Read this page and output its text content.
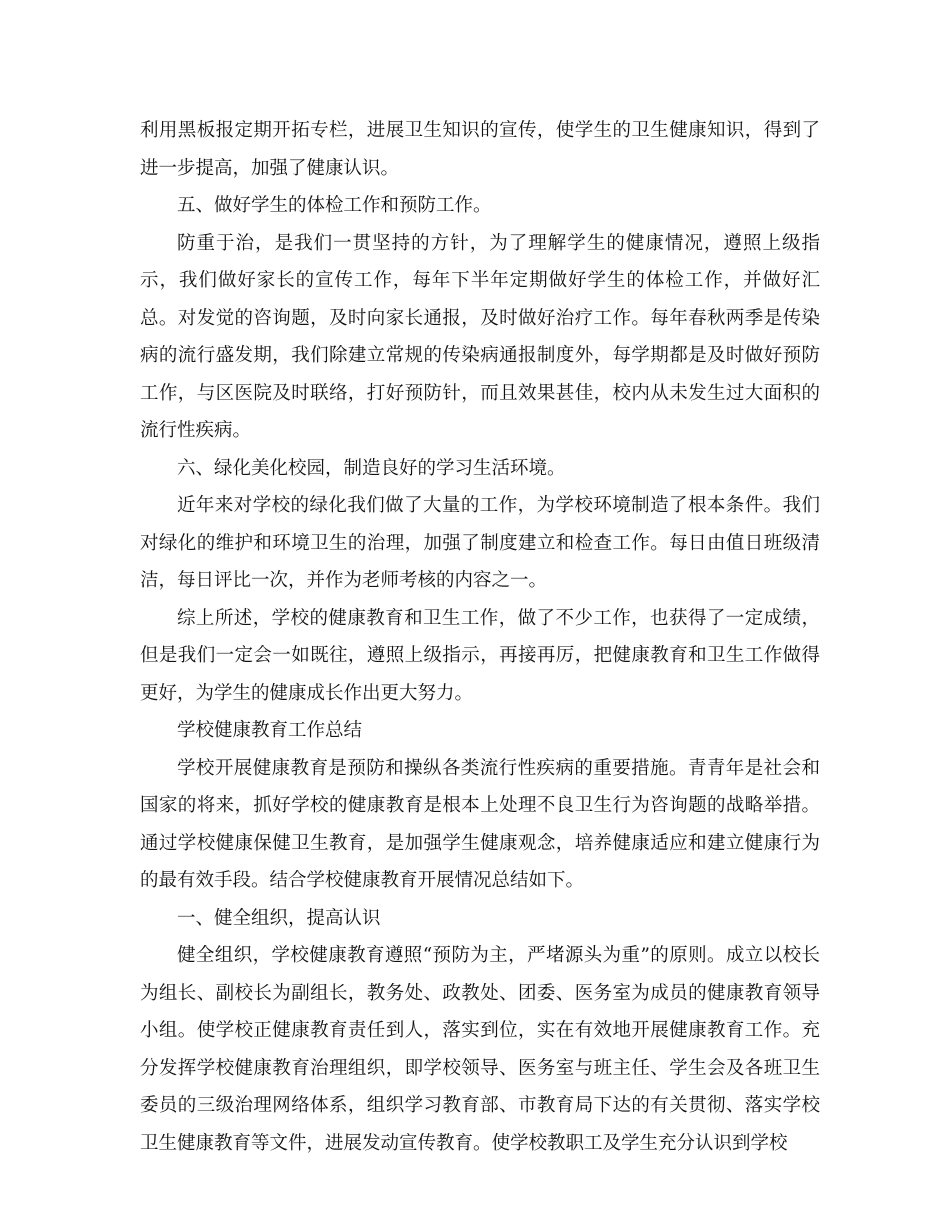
利用黑板报定期开拓专栏，进展卫生知识的宣传，使学生的卫生健康知识，得到了进一步提高，加强了健康认识。

五、做好学生的体检工作和预防工作。

防重于治，是我们一贯坚持的方针，为了理解学生的健康情况，遵照上级指示，我们做好家长的宣传工作，每年下半年定期做好学生的体检工作，并做好汇总。对发觉的咨询题，及时向家长通报，及时做好治疗工作。每年春秋两季是传染病的流行盛发期，我们除建立常规的传染病通报制度外，每学期都是及时做好预防工作，与区医院及时联络，打好预防针，而且效果甚佳，校内从未发生过大面积的流行性疾病。

六、绿化美化校园，制造良好的学习生活环境。

近年来对学校的绿化我们做了大量的工作，为学校环境制造了根本条件。我们对绿化的维护和环境卫生的治理，加强了制度建立和检查工作。每日由值日班级清洁，每日评比一次，并作为老师考核的内容之一。

综上所述，学校的健康教育和卫生工作，做了不少工作，也获得了一定成绩，但是我们一定会一如既往，遵照上级指示，再接再厉，把健康教育和卫生工作做得更好，为学生的健康成长作出更大努力。

学校健康教育工作总结

学校开展健康教育是预防和操纵各类流行性疾病的重要措施。青青年是社会和国家的将来，抓好学校的健康教育是根本上处理不良卫生行为咨询题的战略举措。通过学校健康保健卫生教育，是加强学生健康观念，培养健康适应和建立健康行为的最有效手段。结合学校健康教育开展情况总结如下。

一、健全组织，提高认识

健全组织，学校健康教育遵照“预防为主，严堵源头为重”的原则。成立以校长为组长、副校长为副组长，教务处、政教处、团委、医务室为成员的健康教育领导小组。使学校正健康教育责任到人，落实到位，实在有效地开展健康教育工作。充分发挥学校健康教育治理组织，即学校领导、医务室与班主任、学生会及各班卫生委员的三级治理网络体系，组织学习教育部、市教育局下达的有关贯彻、落实学校卫生健康教育等文件，进展发动宣传教育。使学校教职工及学生充分认识到学校
